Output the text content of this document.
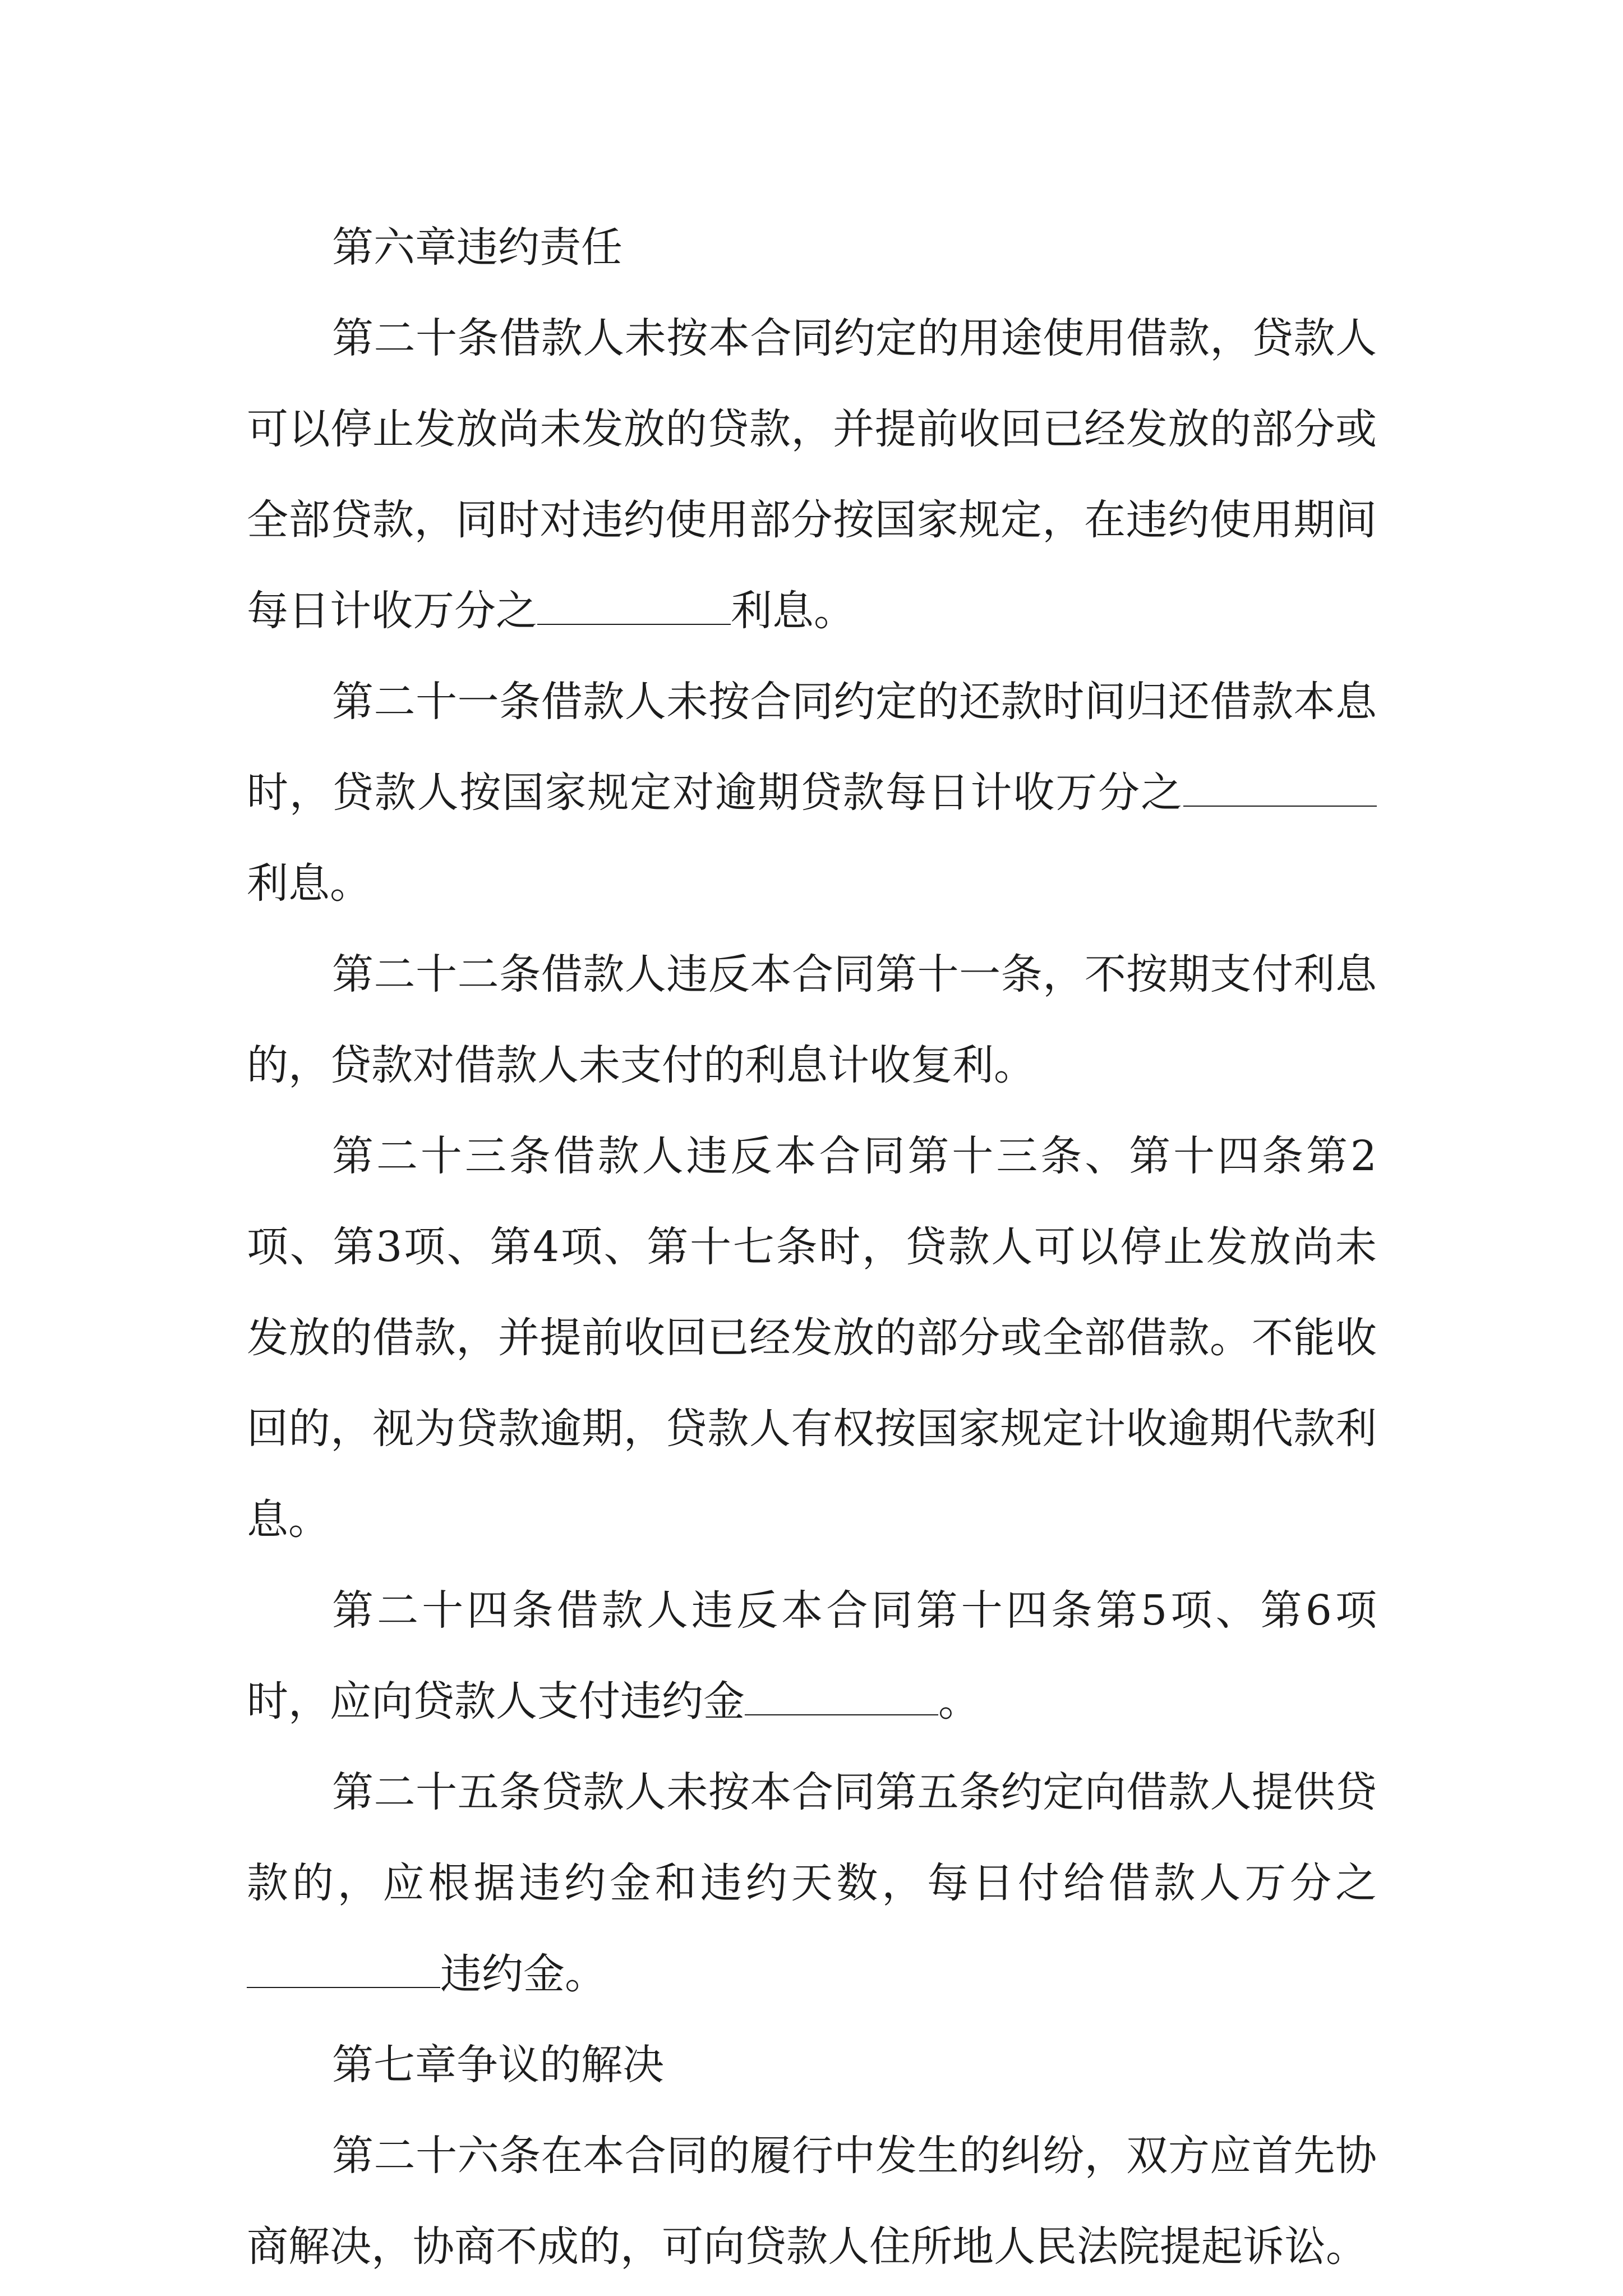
第六章违约责任

第二十条借款人未按本合同约定的用途使用借款，贷款人可以停止发放尚未发放的贷款，并提前收回已经发放的部分或全部贷款，同时对违约使用部分按国家规定，在违约使用期间每日计收万分之	利息。

第二十一条借款人未按合同约定的还款时间归还借款本息时，贷款人按国家规定对逾期贷款每日计收万分之利息。

第二十二条借款人违反本合同第十一条，不按期支付利息的，贷款对借款人未支付的利息计收复利。

第二十三条借款人违反本合同第十三条、第十四条第2项、第3项、第4项、第十七条时，贷款人可以停止发放尚未发放的借款，并提前收回已经发放的部分或全部借款。不能收回的，视为贷款逾期，贷款人有权按国家规定计收逾期代款利息。

第二十四条借款人违反本合同第十四条第5项、第6项时，应向贷款人支付违约金	。

第二十五条贷款人未按本合同第五条约定向借款人提供贷款的，应根据违约金和违约天数，每日付给借款人万分之违约金。

第七章争议的解决

第二十六条在本合同的履行中发生的纠纷，双方应首先协商解决，协商不成的，可向贷款人住所地人民法院提起诉讼。
